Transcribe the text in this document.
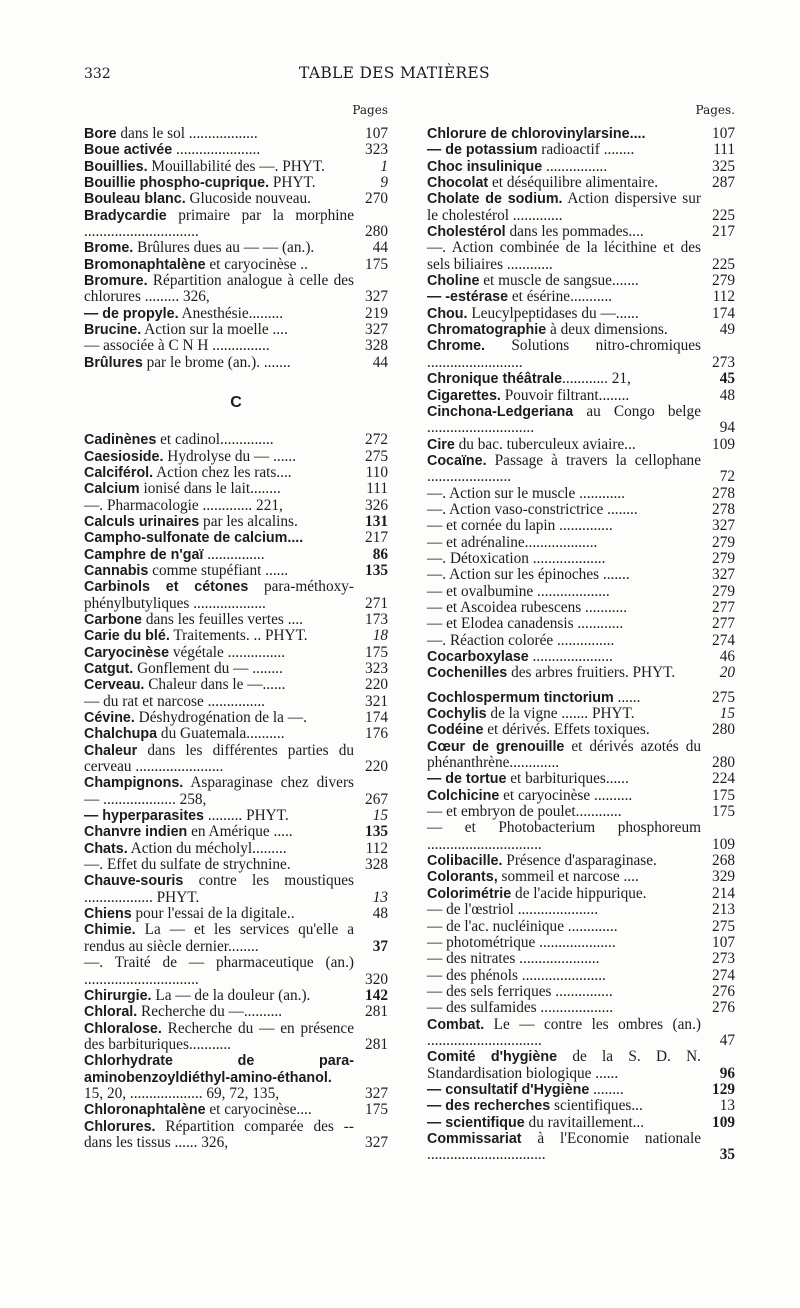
332	TABLE DES MATIÈRES
Pages
Bore dans le sol ..................	107
Boue activée ......................	323
Bouillies. Mouillabilité des —. PHYT.	1
Bouillie phospho-cuprique. PHYT.	9
Bouleau blanc. Glucoside nouveau.	270
Bradycardie primaire par la morphine ..............................	280
Brome. Brûlures dues au — — (an.).	44
Bromonaphtalène et caryocinèse ..	175
Bromure. Répartition analogue à celle des chlorures ......... 326,	327
— de propyle. Anesthésie.........	219
Brucine. Action sur la moelle ....	327
— associée à C N H ...............	328
Brûlures par le brome (an.). .......	44
C
Cadinènes et cadinol..............	272
Caesioside. Hydrolyse du — ......	275
Calciférol. Action chez les rats....	110
Calcium ionisé dans le lait........	111
—. Pharmacologie ............. 221,	326
Calculs urinaires par les alcalins.	131
Campho-sulfonate de calcium....	217
Camphre de n'gaï ...............	86
Cannabis comme stupéfiant ......	135
Carbinols et cétones para-méthoxy-phénylbutyliques ...................	271
Carbone dans les feuilles vertes ....	173
Carie du blé. Traitements. .. PHYT.	18
Caryocinèse végétale ...............	175
Catgut. Gonflement du — ........	323
Cerveau. Chaleur dans le —......	220
— du rat et narcose ...............	321
Cévine. Déshydrogénation de la —.	174
Chalchupa du Guatemala..........	176
Chaleur dans les différentes parties du cerveau .......................	220
Champignons. Asparaginase chez divers — ................... 258,	267
— hyperparasites ......... PHYT.	15
Chanvre indien en Amérique .....	135
Chats. Action du mécholyl.........	112
—. Effet du sulfate de strychnine.	328
Chauve-souris contre les moustiques .................. PHYT.	13
Chiens pour l'essai de la digitale..	48
Chimie. La — et les services qu'elle a rendus au siècle dernier........	37
—. Traité de — pharmaceutique (an.) ..............................	320
Chirurgie. La — de la douleur (an.).	142
Chloral. Recherche du —..........	281
Chloralose. Recherche du — en présence des barbituriques...........	281
Chlorhydrate de para-aminobenzoyldiéthyl-amino-éthanol. 15, 20, ................... 69, 72, 135,	327
Chloronaphtalène et caryocinèse....	175
Chlorures. Répartition comparée des -- dans les tissus ...... 326,	327
Pages.
Chlorure de chlorovinylarsine....	107
— de potassium radioactif ........	111
Choc insulinique ................	325
Chocolat et déséquilibre alimentaire.	287
Cholate de sodium. Action dispersive sur le cholestérol .............	225
Cholestérol dans les pommades....	217
—. Action combinée de la lécithine et des sels biliaires ............	225
Choline et muscle de sangsue.......	279
— -estérase et ésérine...........	112
Chou. Leucylpeptidases du —......	174
Chromatographie à deux dimensions.	49
Chrome. Solutions nitro-chromiques .........................	273
Chronique théâtrale............ 21,	45
Cigarettes. Pouvoir filtrant........	48
Cinchona-Ledgeriana au Congo belge ............................	94
Cire du bac. tuberculeux aviaire...	109
Cocaïne. Passage à travers la cellophane ......................	72
—. Action sur le muscle ............	278
—. Action vaso-constrictrice ........	278
— et cornée du lapin ..............	327
— et adrénaline...................	279
—. Détoxication ...................	279
—. Action sur les épinoches .......	327
— et ovalbumine ...................	279
— et Ascoidea rubescens ...........	277
— et Elodea canadensis ............	277
—. Réaction colorée ...............	274
Cocarboxylase .....................	46
Cochenilles des arbres fruitiers. PHYT.	20
Cochlospermum tinctorium ......	275
Cochylis de la vigne ....... PHYT.	15
Codéine et dérivés. Effets toxiques.	280
Cœur de grenouille et dérivés azotés du phénanthrène.............	280
— de tortue et barbituriques......	224
Colchicine et caryocinèse ..........	175
— et embryon de poulet............	175
— et Photobacterium phosphoreum ..............................	109
Colibacille. Présence d'asparaginase.	268
Colorants, sommeil et narcose ....	329
Colorimétrie de l'acide hippurique.	214
— de l'œstriol .....................	213
— de l'ac. nucléinique .............	275
— photométrique ....................	107
— des nitrates .....................	273
— des phénols ......................	274
— des sels ferriques ...............	276
— des sulfamides ...................	276
Combat. Le — contre les ombres (an.) ..............................	47
Comité d'hygiène de la S. D. N. Standardisation biologique ......	96
— consultatif d'Hygiène ........	129
— des recherches scientifiques...	13
— scientifique du ravitaillement...	109
Commissariat à l'Economie nationale ...............................	35
